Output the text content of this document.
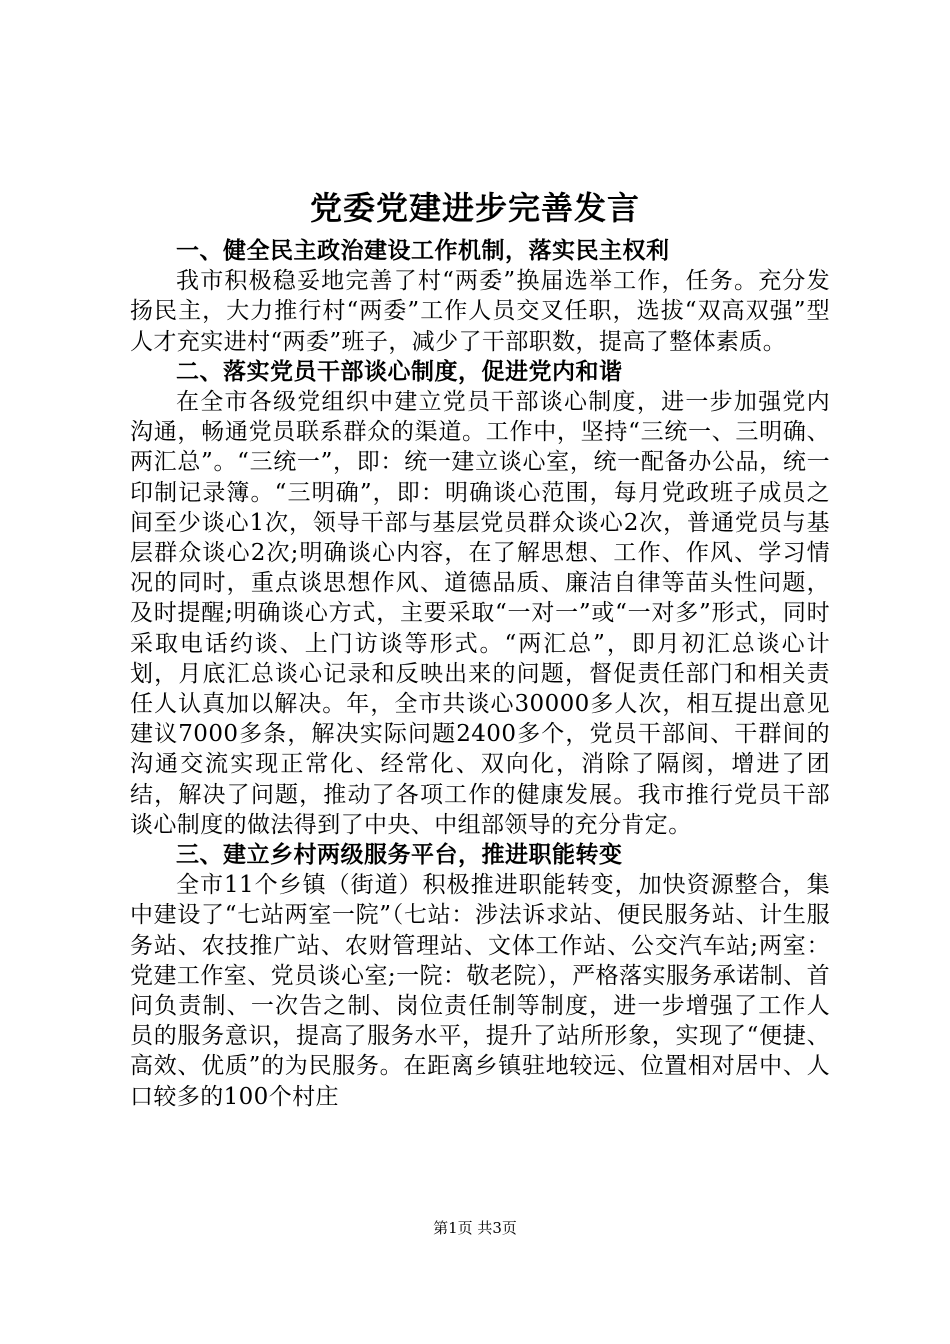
党委党建进步完善发言
一、健全民主政治建设工作机制，落实民主权利
我市积极稳妥地完善了村“两委”换届选举工作，任务。充分发扬民主，大力推行村“两委”工作人员交叉任职，选拔“双高双强”型人才充实进村“两委”班子，减少了干部职数，提高了整体素质。
二、落实党员干部谈心制度，促进党内和谐
在全市各级党组织中建立党员干部谈心制度，进一步加强党内沟通，畅通党员联系群众的渠道。工作中，坚持“三统一、三明确、两汇总”。“三统一”，即：统一建立谈心室，统一配备办公品，统一印制记录簿。“三明确”，即：明确谈心范围，每月党政班子成员之间至少谈心1次，领导干部与基层党员群众谈心2次，普通党员与基层群众谈心2次;明确谈心内容，在了解思想、工作、作风、学习情况的同时，重点谈思想作风、道德品质、廉洁自律等苗头性问题，及时提醒;明确谈心方式，主要采取“一对一”或“一对多”形式，同时采取电话约谈、上门访谈等形式。“两汇总”，即月初汇总谈心计划，月底汇总谈心记录和反映出来的问题，督促责任部门和相关责任人认真加以解决。年，全市共谈心30000多人次，相互提出意见建议7000多条，解决实际问题2400多个，党员干部间、干群间的沟通交流实现正常化、经常化、双向化，消除了隔阂，增进了团结，解决了问题，推动了各项工作的健康发展。我市推行党员干部谈心制度的做法得到了中央、中组部领导的充分肯定。
三、建立乡村两级服务平台，推进职能转变
全市11个乡镇（街道）积极推进职能转变，加快资源整合，集中建设了“七站两室一院”（七站：涉法诉求站、便民服务站、计生服务站、农技推广站、农财管理站、文体工作站、公交汽车站;两室：党建工作室、党员谈心室;一院：敬老院），严格落实服务承诺制、首问负责制、一次告之制、岗位责任制等制度，进一步增强了工作人员的服务意识，提高了服务水平，提升了站所形象，实现了“便捷、高效、优质”的为民服务。在距离乡镇驻地较远、位置相对居中、人口较多的100个村庄
第1页 共3页
